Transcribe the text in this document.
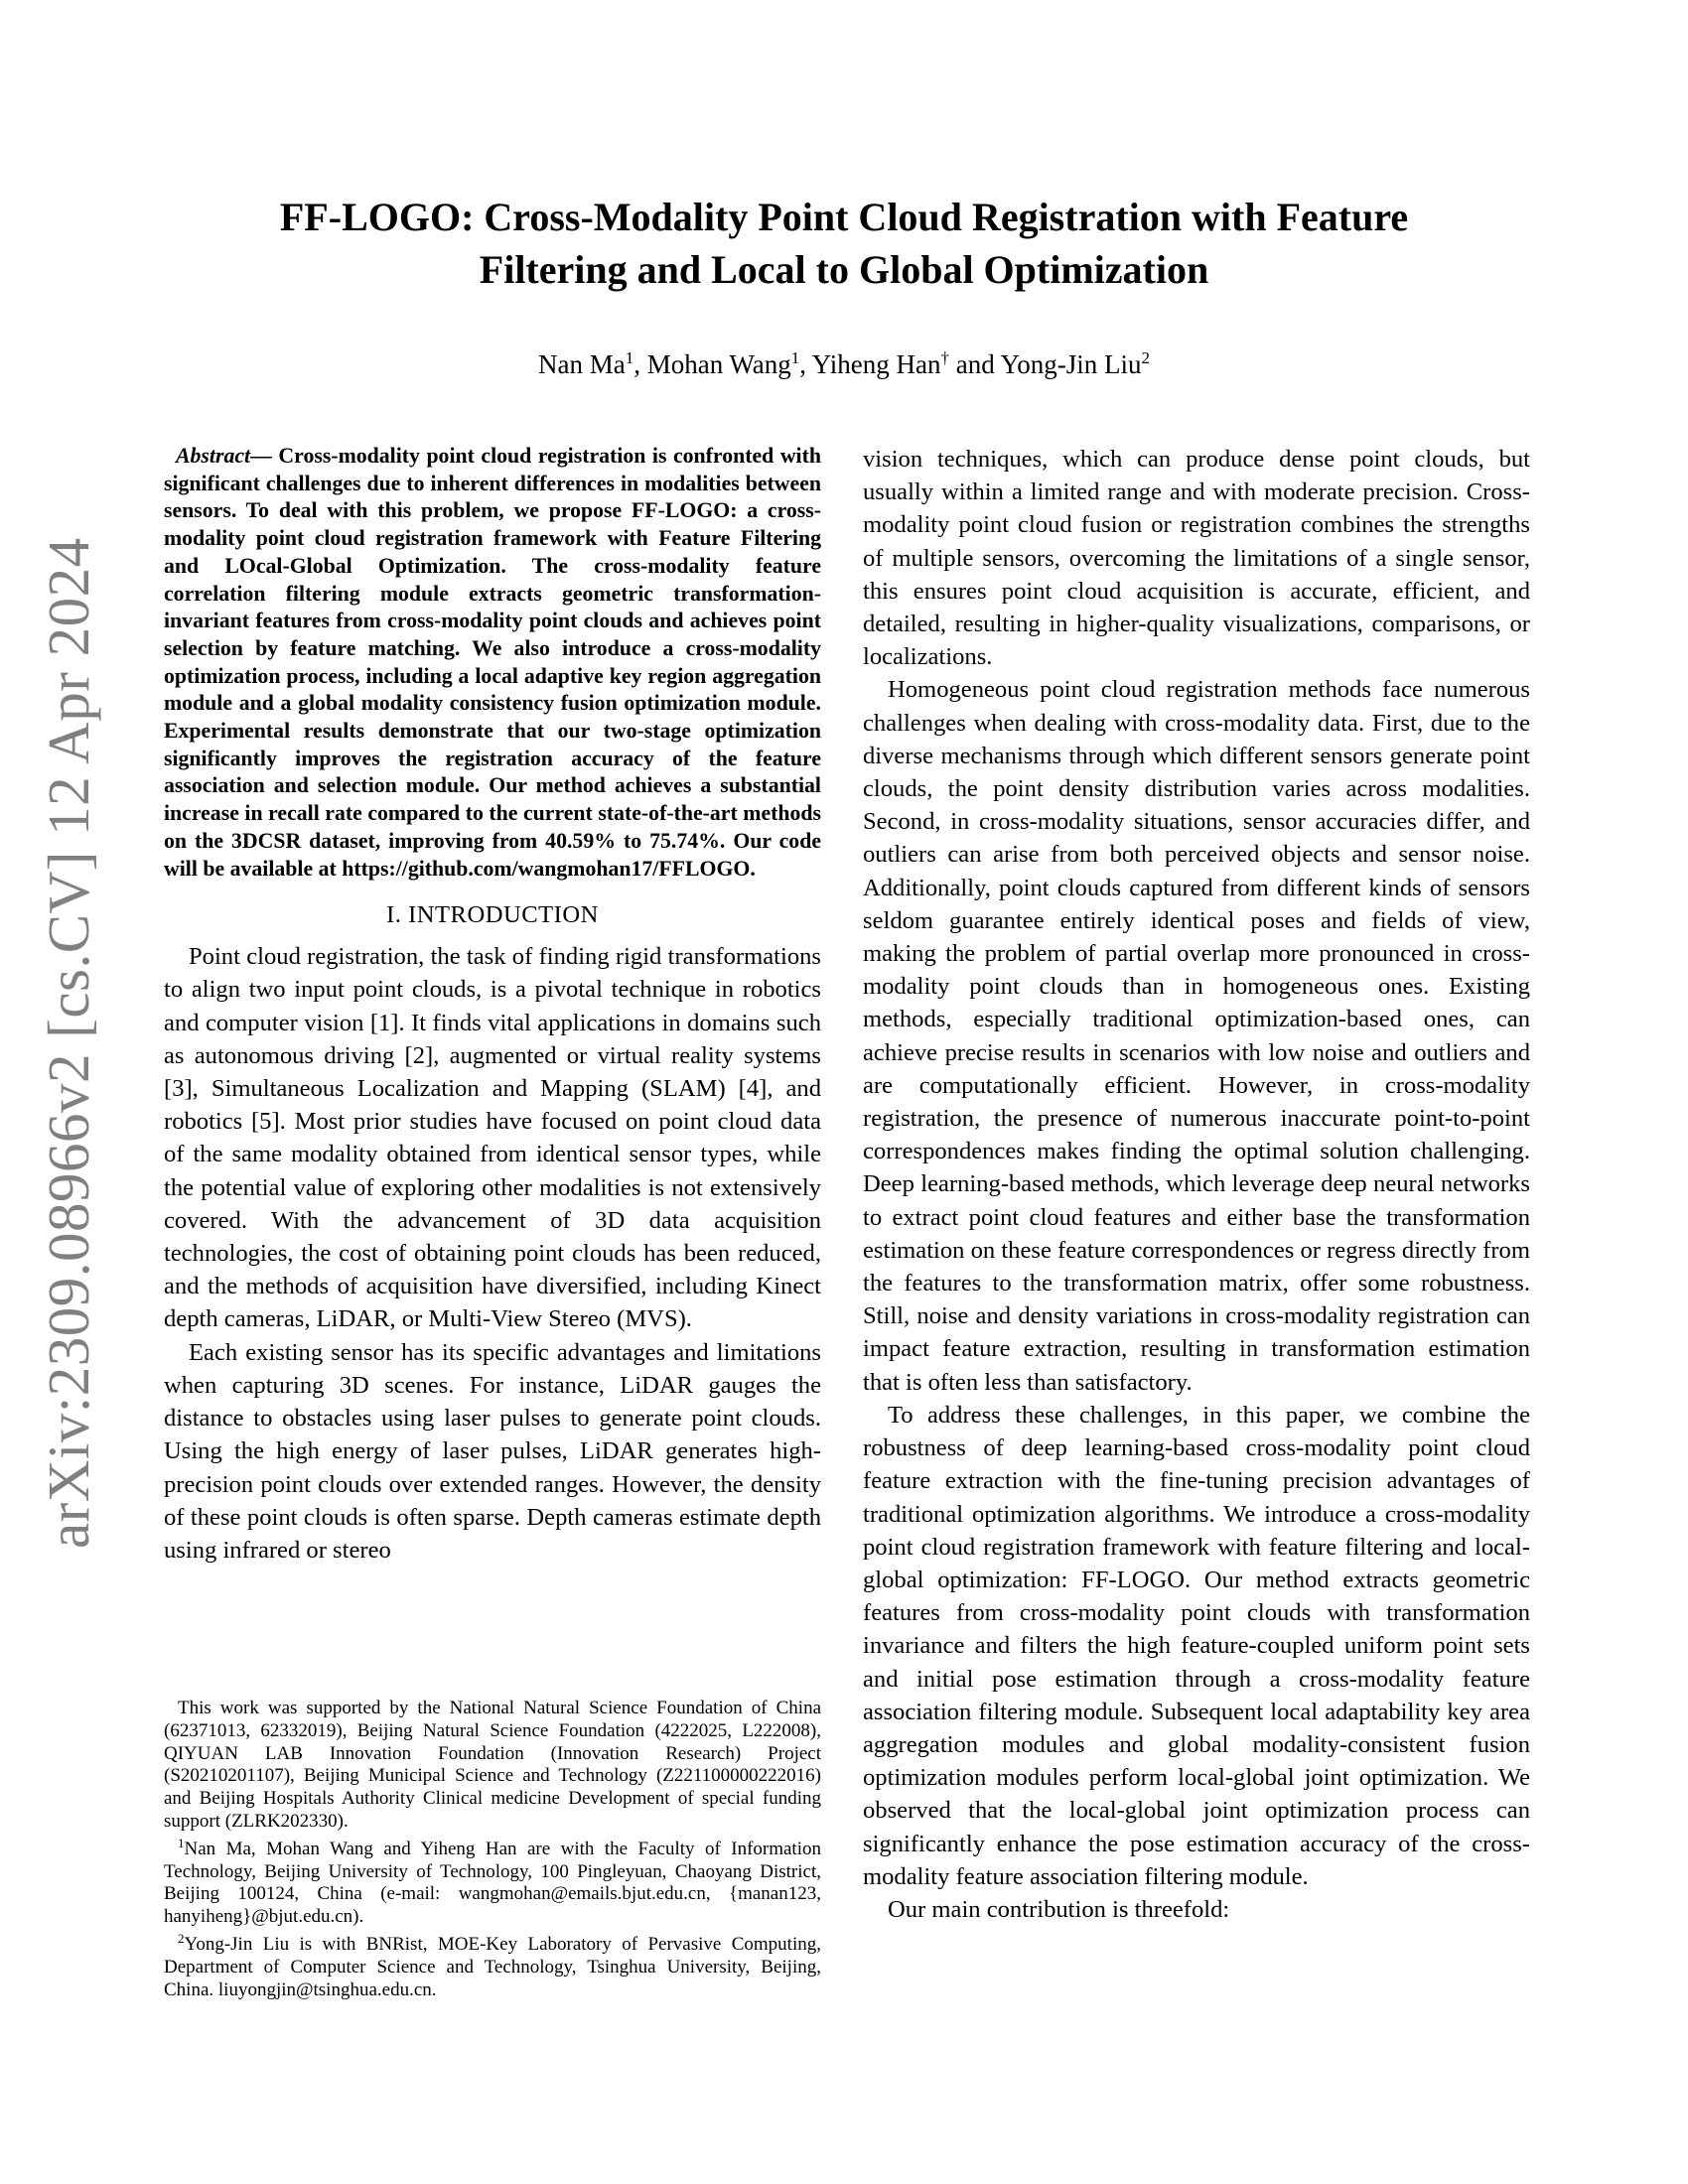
arXiv:2309.08966v2 [cs.CV] 12 Apr 2024
FF-LOGO: Cross-Modality Point Cloud Registration with Feature
Filtering and Local to Global Optimization
Nan Ma$^1$, Mohan Wang$^1$, Yiheng Han† and Yong-Jin Liu$^2$

Abstract— Cross-modality point cloud registration is confronted with significant challenges due to inherent differences in modalities between sensors. To deal with this problem, we propose FF-LOGO: a cross-modality point cloud registration framework with Feature Filtering and LOcal-Global Optimization. The cross-modality feature correlation filtering module extracts geometric transformation-invariant features from cross-modality point clouds and achieves point selection by feature matching. We also introduce a cross-modality optimization process, including a local adaptive key region aggregation module and a global modality consistency fusion optimization module. Experimental results demonstrate that our two-stage optimization significantly improves the registration accuracy of the feature association and selection module. Our method achieves a substantial increase in recall rate compared to the current state-of-the-art methods on the 3DCSR dataset, improving from 40.59% to 75.74%. Our code will be available at https://github.com/wangmohan17/FFLOGO.

I. INTRODUCTION

Point cloud registration, the task of finding rigid transformations to align two input point clouds, is a pivotal technique in robotics and computer vision [1]. It finds vital applications in domains such as autonomous driving [2], augmented or virtual reality systems [3], Simultaneous Localization and Mapping (SLAM) [4], and robotics [5]. Most prior studies have focused on point cloud data of the same modality obtained from identical sensor types, while the potential value of exploring other modalities is not extensively covered. With the advancement of 3D data acquisition technologies, the cost of obtaining point clouds has been reduced, and the methods of acquisition have diversified, including Kinect depth cameras, LiDAR, or Multi-View Stereo (MVS).

Each existing sensor has its specific advantages and limitations when capturing 3D scenes. For instance, LiDAR gauges the distance to obstacles using laser pulses to generate point clouds. Using the high energy of laser pulses, LiDAR generates high-precision point clouds over extended ranges. However, the density of these point clouds is often sparse. Depth cameras estimate depth using infrared or stereo

This work was supported by the National Natural Science Foundation of China (62371013, 62332019), Beijing Natural Science Foundation (4222025, L222008), QIYUAN LAB Innovation Foundation (Innovation Research) Project (S20210201107), Beijing Municipal Science and Technology (Z221100000222016) and Beijing Hospitals Authority Clinical medicine Development of special funding support (ZLRK202330).

$^1$Nan Ma, Mohan Wang and Yiheng Han are with the Faculty of Information Technology, Beijing University of Technology, 100 Pingleyuan, Chaoyang District, Beijing 100124, China (e-mail: wangmohan@emails.bjut.edu.cn, {manan123, hanyiheng}@bjut.edu.cn).

$^2$Yong-Jin Liu is with BNRist, MOE-Key Laboratory of Pervasive Computing, Department of Computer Science and Technology, Tsinghua University, Beijing, China. liuyongjin@tsinghua.edu.cn.

vision techniques, which can produce dense point clouds, but usually within a limited range and with moderate precision. Cross-modality point cloud fusion or registration combines the strengths of multiple sensors, overcoming the limitations of a single sensor, this ensures point cloud acquisition is accurate, efficient, and detailed, resulting in higher-quality visualizations, comparisons, or localizations.

Homogeneous point cloud registration methods face numerous challenges when dealing with cross-modality data. First, due to the diverse mechanisms through which different sensors generate point clouds, the point density distribution varies across modalities. Second, in cross-modality situations, sensor accuracies differ, and outliers can arise from both perceived objects and sensor noise. Additionally, point clouds captured from different kinds of sensors seldom guarantee entirely identical poses and fields of view, making the problem of partial overlap more pronounced in cross-modality point clouds than in homogeneous ones. Existing methods, especially traditional optimization-based ones, can achieve precise results in scenarios with low noise and outliers and are computationally efficient. However, in cross-modality registration, the presence of numerous inaccurate point-to-point correspondences makes finding the optimal solution challenging. Deep learning-based methods, which leverage deep neural networks to extract point cloud features and either base the transformation estimation on these feature correspondences or regress directly from the features to the transformation matrix, offer some robustness. Still, noise and density variations in cross-modality registration can impact feature extraction, resulting in transformation estimation that is often less than satisfactory.

To address these challenges, in this paper, we combine the robustness of deep learning-based cross-modality point cloud feature extraction with the fine-tuning precision advantages of traditional optimization algorithms. We introduce a cross-modality point cloud registration framework with feature filtering and local-global optimization: FF-LOGO. Our method extracts geometric features from cross-modality point clouds with transformation invariance and filters the high feature-coupled uniform point sets and initial pose estimation through a cross-modality feature association filtering module. Subsequent local adaptability key area aggregation modules and global modality-consistent fusion optimization modules perform local-global joint optimization. We observed that the local-global joint optimization process can significantly enhance the pose estimation accuracy of the cross-modality feature association filtering module.

Our main contribution is threefold:
